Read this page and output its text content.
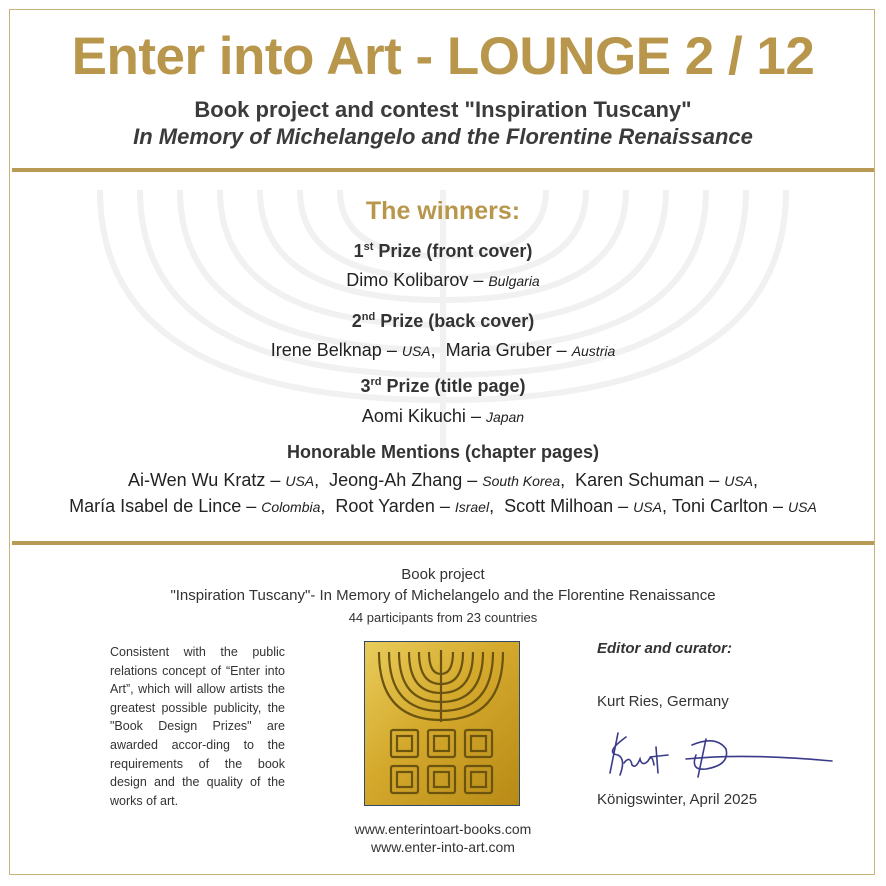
Enter into Art - LOUNGE 2 / 12
Book project and contest "Inspiration Tuscany"
In Memory of Michelangelo and the Florentine Renaissance
The winners:
1st Prize (front cover)
Dimo Kolibarov – Bulgaria
2nd Prize (back cover)
Irene Belknap – USA,  Maria Gruber – Austria
3rd Prize (title page)
Aomi Kikuchi – Japan
Honorable Mentions (chapter pages)
Ai-Wen Wu Kratz – USA,  Jeong-Ah Zhang – South Korea,  Karen Schuman – USA,
María Isabel de Lince – Colombia,  Root Yarden – Israel,  Scott Milhoan – USA, Toni Carlton – USA
Book project
"Inspiration Tuscany"- In Memory of Michelangelo and the Florentine Renaissance
44 participants from 23 countries
Consistent with the public relations concept of “Enter into Art”, which will allow artists the greatest possible publicity, the "Book Design Prizes" are awarded accor-ding to the requirements of the book design and the quality of the works of art.
www.enterintoart-books.com
www.enter-into-art.com
Editor and curator:
Kurt Ries, Germany
Königswinter, April 2025
